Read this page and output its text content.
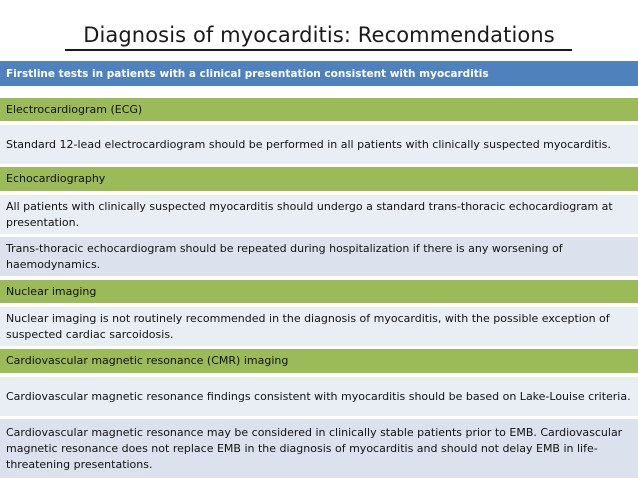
Diagnosis of myocarditis: Recommendations
Firstline tests in patients with a clinical presentation consistent with myocarditis
Electrocardiogram (ECG)
Standard 12-lead electrocardiogram should be performed in all patients with clinically suspected myocarditis.
Echocardiography
All patients with clinically suspected myocarditis should undergo a standard trans-thoracic echocardiogram at presentation.
Trans-thoracic echocardiogram should be repeated during hospitalization if there is any worsening of haemodynamics.
Nuclear imaging
Nuclear imaging is not routinely recommended in the diagnosis of myocarditis, with the possible exception of suspected cardiac sarcoidosis.
Cardiovascular magnetic resonance (CMR) imaging
Cardiovascular magnetic resonance findings consistent with myocarditis should be based on Lake-Louise criteria.
Cardiovascular magnetic resonance may be considered in clinically stable patients prior to EMB. Cardiovascular magnetic resonance does not replace EMB in the diagnosis of myocarditis and should not delay EMB in life-threatening presentations.
